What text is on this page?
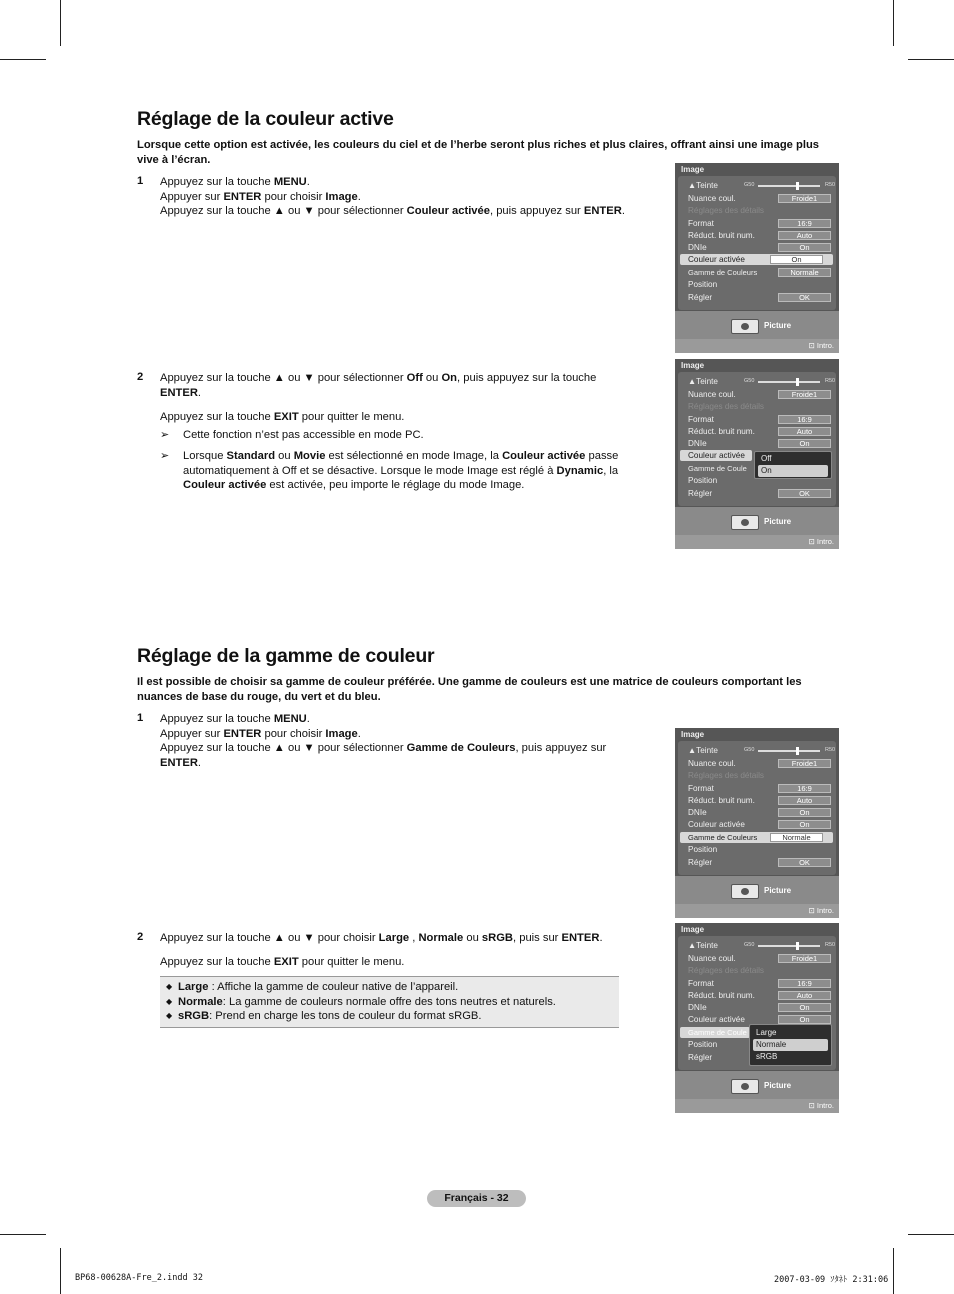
Réglage de la couleur active
Lorsque cette option est activée, les couleurs du ciel et de l’herbe seront plus riches et plus claires, offrant ainsi une image plus vive à l’écran.
1 Appuyez sur la touche MENU.
Appuyer sur ENTER pour choisir Image.
Appuyez sur la touche ▲ ou ▼ pour sélectionner Couleur activée, puis appuyez sur ENTER.
2 Appuyez sur la touche ▲ ou ▼ pour sélectionner Off ou On, puis appuyez sur la touche ENTER.
Appuyez sur la touche EXIT pour quitter le menu.
➢ Cette fonction n’est pas accessible en mode PC.
➢ Lorsque Standard ou Movie est sélectionné en mode Image, la Couleur activée passe automatiquement à Off et se désactive. Lorsque le mode Image est réglé à Dynamic, la Couleur activée est activée, peu importe le réglage du mode Image.
Image
▲Teinte	G50	R50
Nuance coul.	Froide1
Réglages des détails
Format	16:9
Réduct. bruit num.	Auto
DNIe	On
Couleur activée	On
Gamme de Couleurs	Normale
Position
Régler	OK
Picture
⊡ Intro.
Image
▲Teinte	G50	R50
Nuance coul.	Froide1
Réglages des détails
Format	16:9
Réduct. bruit num.	Auto
DNIe	On
Couleur activée
Gamme de Coule
Position
Régler	OK
Off
On
Picture
⊡ Intro.
Réglage de la gamme de couleur
Il est possible de choisir sa gamme de couleur préférée. Une gamme de couleurs est une matrice de couleurs comportant les nuances de base du rouge, du vert et du bleu.
1 Appuyez sur la touche MENU.
Appuyer sur ENTER pour choisir Image.
Appuyez sur la touche ▲ ou ▼ pour sélectionner Gamme de Couleurs, puis appuyez sur ENTER.
2 Appuyez sur la touche ▲ ou ▼ pour choisir Large , Normale ou sRGB, puis sur ENTER.
Appuyez sur la touche EXIT pour quitter le menu.
◆ Large : Affiche la gamme de couleur native de l’appareil.
◆ Normale: La gamme de couleurs normale offre des tons neutres et naturels.
◆ sRGB: Prend en charge les tons de couleur du format sRGB.
Image
▲Teinte	G50	R50
Nuance coul.	Froide1
Réglages des détails
Format	16:9
Réduct. bruit num.	Auto
DNIe	On
Couleur activée	On
Gamme de Couleurs	Normale
Position
Régler	OK
Picture
⊡ Intro.
Image
▲Teinte	G50	R50
Nuance coul.	Froide1
Réglages des détails
Format	16:9
Réduct. bruit num.	Auto
DNIe	On
Couleur activée	On
Gamme de Coule
Position
Régler
Large
Normale
sRGB
Picture
⊡ Intro.
Français - 32
BP68-00628A-Fre_2.indd 32	2007-03-09 ｿﾀﾈﾄ 2:31:06
